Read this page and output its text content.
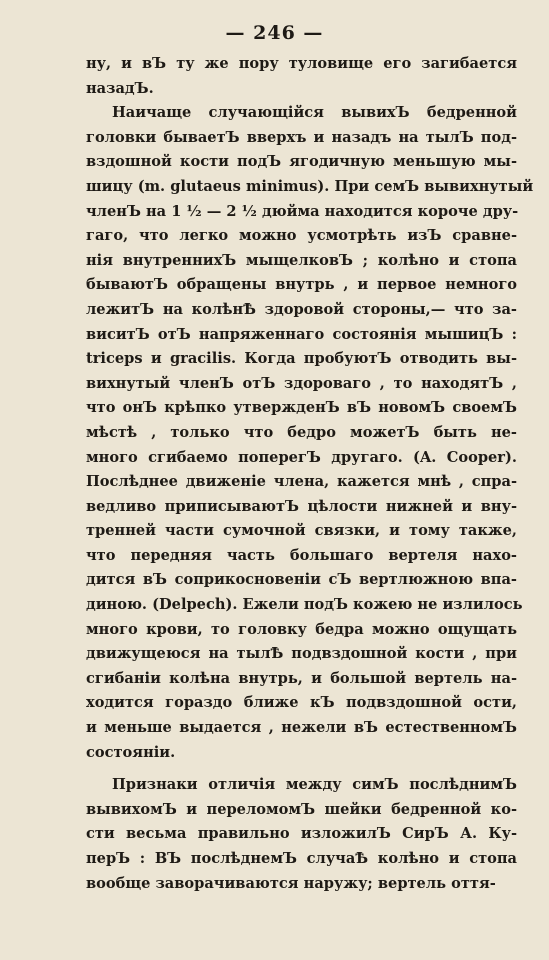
— 246 —
ну, и вЪ ту же пору туловище его загибается
назадЪ.
Наичаще случающійся вывихЪ бедренной
головки бываетЪ вверхъ и назадъ на тылЪ под-
вздошной кости подЪ ягодичную меньшую мы-
шицу (m. glutaeus minimus). При семЪ вывихнутый
членЪ на 1 ½ — 2 ½ дюйма находится короче дру-
гаго, что легко можно усмотрѣть изЪ сравне-
нія внутреннихЪ мыщелковЪ ; колѣно и стопа
бываютЪ обращены внутрь , и первое немного
лежитЪ на колѣнѢ здоровой стороны,— что за-
виситЪ отЪ напряженнаго состоянія мышицЪ :
triceps и gracilis. Когда пробуютЪ отводить вы-
вихнутый членЪ отЪ здороваго , то находятЪ ,
что онЪ крѣпко утвержденЪ вЪ новомЪ своемЪ
мѣстѣ , только что бедро можетЪ быть не-
много сгибаемо поперегЪ другаго. (A. Cooper).
Послѣднее движеніе члена, кажется мнѣ , спра-
ведливо приписываютЪ цѣлости нижней и вну-
тренней части сумочной связки, и тому также,
что передняя часть большаго вертеля нахо-
дится вЪ соприкосновеніи сЪ вертлюжною впа-
диною. (Delpech). Ежели подЪ кожею не излилось
много крови, то головку бедра можно ощущать
движущеюся на тылѢ подвздошной кости , при
сгибаніи колѣна внутрь, и большой вертель на-
ходится гораздо ближе кЪ подвздошной ости,
и меньше выдается , нежели вЪ естественномЪ
состояніи.
Признаки отличія между симЪ послѣднимЪ
вывихомЪ и переломомЪ шейки бедренной ко-
сти весьма правильно изложилЪ СирЪ А. Ку-
перЪ : ВЪ послѣднемЪ случаѢ колѣно и стопа
вообще заворачиваются наружу; вертель оття-
